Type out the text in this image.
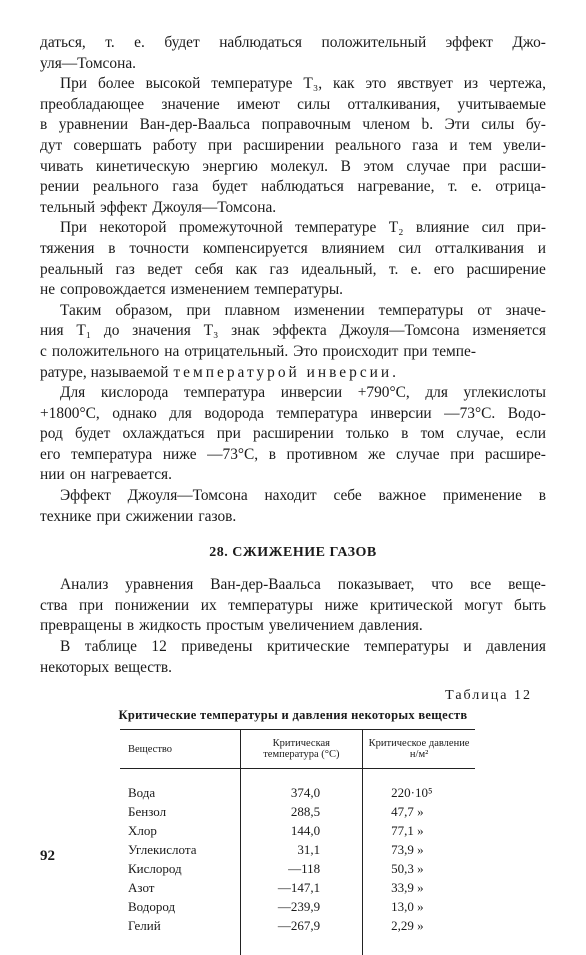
даться, т. е. будет наблюдаться положительный эффект Джо-
уля—Томсона.
При более высокой температуре T₃, как это явствует из чертежа,
преобладающее значение имеют силы отталкивания, учитываемые
в уравнении Ван-дер-Ваальса поправочным членом b. Эти силы бу-
дут совершать работу при расширении реального газа и тем увели-
чивать кинетическую энергию молекул. В этом случае при расши-
рении реального газа будет наблюдаться нагревание, т. е. отрица-
тельный эффект Джоуля—Томсона.
При некоторой промежуточной температуре T₂ влияние сил при-
тяжения в точности компенсируется влиянием сил отталкивания и
реальный газ ведет себя как газ идеальный, т. е. его расширение
не сопровождается изменением температуры.
Таким образом, при плавном изменении температуры от значе-
ния T₁ до значения T₃ знак эффекта Джоуля—Томсона изменяется
с положительного на отрицательный. Это происходит при темпе-
ратуре, называемой температурой инверсии.
Для кислорода температура инверсии +790°С, для углекислоты
+1800°С, однако для водорода температура инверсии —73°С. Водо-
род будет охлаждаться при расширении только в том случае, если
его температура ниже —73°С, в противном же случае при расшире-
нии он нагревается.
Эффект Джоуля—Томсона находит себе важное применение в
технике при сжижении газов.
28. СЖИЖЕНИЕ ГАЗОВ
Анализ уравнения Ван-дер-Ваальса показывает, что все веще-
ства при понижении их температуры ниже критической могут быть
превращены в жидкость простым увеличением давления.
В таблице 12 приведены критические температуры и давления
некоторых веществ.
Таблица 12
Критические температуры и давления некоторых веществ
Вещество	Критическая температура (°С)	Критическое давление н/м²
Вода	374,0	220·10⁵
Бензол	288,5	47,7 »
Хлор	144,0	77,1 »
Углекислота	31,1	73,9 »
Кислород	—118	50,3 »
Азот	—147,1	33,9 »
Водород	—239,9	13,0 »
Гелий	—267,9	2,29 »
92
